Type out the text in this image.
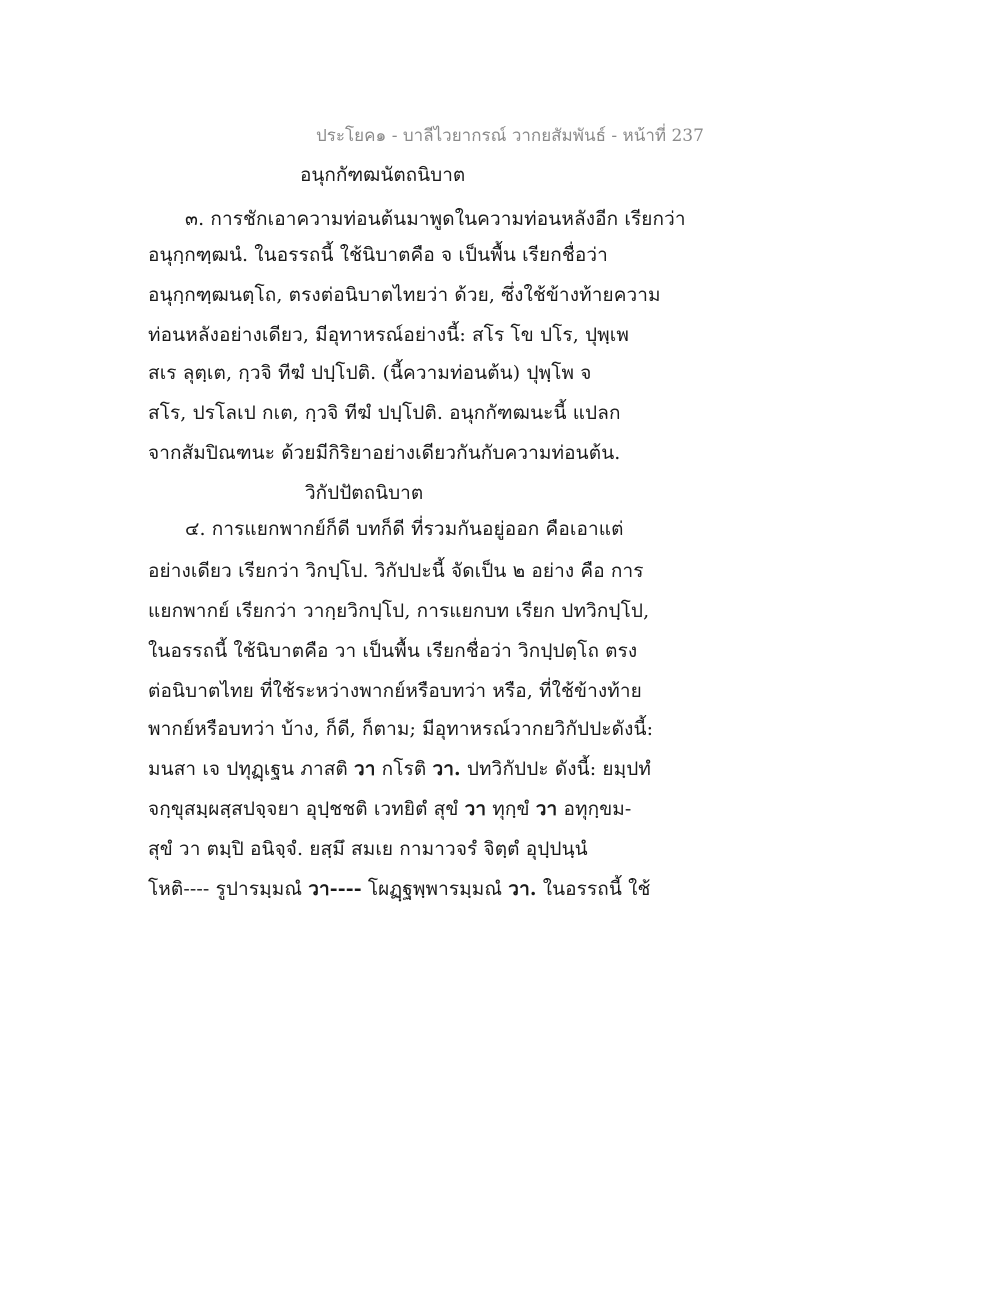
ประโยค๑ - บาลีไวยากรณ์ วากยสัมพันธ์ - หน้าที่ 237
อนุกกัฑฒนัตถนิบาต
๓. การชักเอาความท่อนต้นมาพูดในความท่อนหลังอีก เรียกว่า
อนุกฺกฑฺฒนํ. ในอรรถนี้ ใช้นิบาตคือ จ เป็นพื้น เรียกชื่อว่า
อนุกฺกฑฺฒนตฺโถ, ตรงต่อนิบาตไทยว่า ด้วย, ซึ่งใช้ข้างท้ายความ
ท่อนหลังอย่างเดียว, มีอุทาหรณ์อย่างนี้: สโร โข ปโร, ปุพฺเพ
สเร ลุตฺเต, กฺวจิ ทีฆํ ปปฺโปติ. (นี้ความท่อนต้น) ปุพฺโพ จ
สโร, ปรโลเป กเต, กฺวจิ ทีฆํ ปปฺโปติ. อนุกกัฑฒนะนี้ แปลก
จากสัมปิณฑนะ ด้วยมีกิริยาอย่างเดียวกันกับความท่อนต้น.
วิกัปปัตถนิบาต
๔. การแยกพากย์ก็ดี บทก็ดี ที่รวมกันอยู่ออก คือเอาแต่
อย่างเดียว เรียกว่า วิกปฺโป. วิกัปปะนี้ จัดเป็น ๒ อย่าง คือ การ
แยกพากย์ เรียกว่า วากฺยวิกปฺโป, การแยกบท เรียก ปทวิกปฺโป,
ในอรรถนี้ ใช้นิบาตคือ วา เป็นพื้น เรียกชื่อว่า วิกปฺปตฺโถ ตรง
ต่อนิบาตไทย ที่ใช้ระหว่างพากย์หรือบทว่า หรือ, ที่ใช้ข้างท้าย
พากย์หรือบทว่า บ้าง, ก็ดี, ก็ตาม; มีอุทาหรณ์วากยวิกัปปะดังนี้:
มนสา เจ ปทุฏฺเฐน ภาสติ วา กโรติ วา. ปทวิกัปปะ ดังนี้: ยมฺปทํ
จกฺขุสมฺผสฺสปจฺจยา อุปฺชชติ เวทยิตํ สุขํ วา ทุกฺขํ วา อทุกฺขม-
สุขํ วา ตมฺปิ อนิจฺจํ. ยสฺมึ สมเย กามาวจรํ จิตฺตํ อุปฺปนฺนํ
โหติ---- รูปารมฺมณํ วา---- โผฏฺฐพฺพารมฺมณํ วา. ในอรรถนี้ ใช้
